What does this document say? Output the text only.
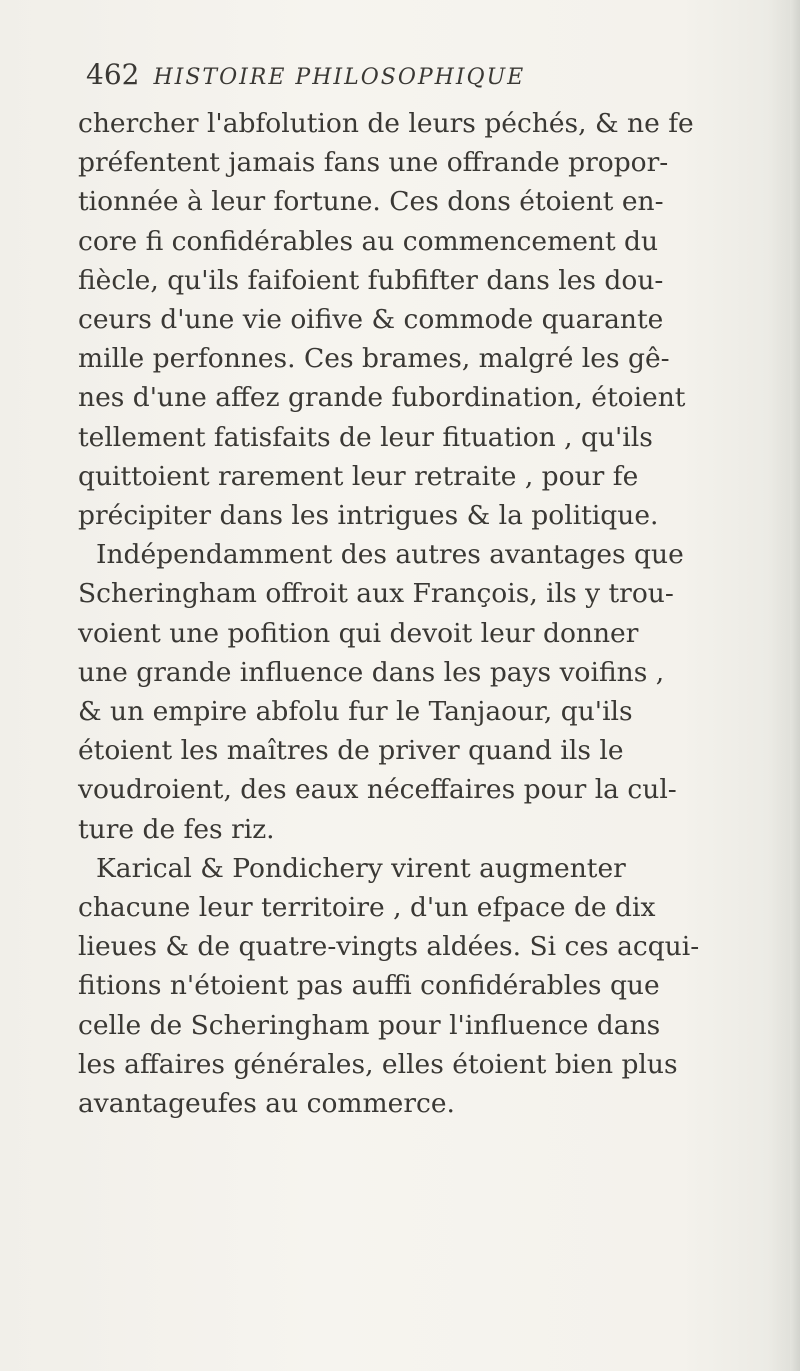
462 HISTOIRE PHILOSOPHIQUE
chercher l'abfolution de leurs péchés, & ne fe
préfentent jamais fans une offrande propor-
tionnée à leur fortune. Ces dons étoient en-
core fi confidérables au commencement du
fiècle, qu'ils faifoient fubfifter dans les dou-
ceurs d'une vie oifive & commode quarante
mille perfonnes. Ces brames, malgré les gê-
nes d'une affez grande fubordination, étoient
tellement fatisfaits de leur fituation , qu'ils
quittoient rarement leur retraite , pour fe
précipiter dans les intrigues & la politique.
Indépendamment des autres avantages que
Scheringham offroit aux François, ils y trou-
voient une pofition qui devoit leur donner
une grande influence dans les pays voifins ,
& un empire abfolu fur le Tanjaour, qu'ils
étoient les maîtres de priver quand ils le
voudroient, des eaux néceffaires pour la cul-
ture de fes riz.
Karical & Pondichery virent augmenter
chacune leur territoire , d'un efpace de dix
lieues & de quatre-vingts aldées. Si ces acqui-
fitions n'étoient pas auffi confidérables que
celle de Scheringham pour l'influence dans
les affaires générales, elles étoient bien plus
avantageufes au commerce.
